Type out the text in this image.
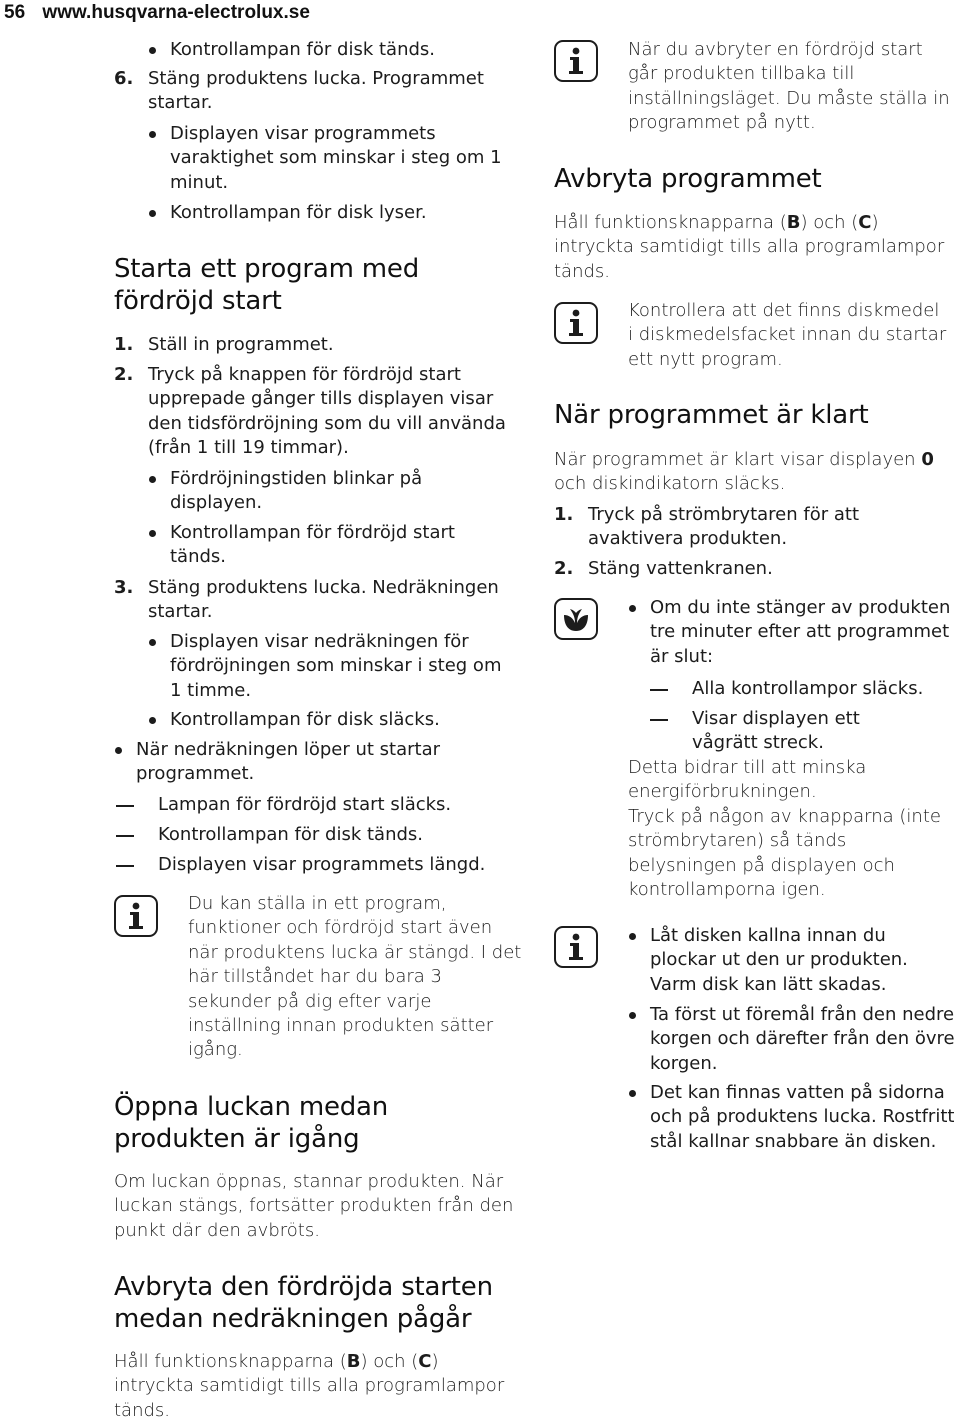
56 www.husqvarna-electrolux.se
Kontrollampan för disk tänds.
6. Stäng produktens lucka. Programmet startar.
Displayen visar programmets varaktighet som minskar i steg om 1 minut.
Kontrollampan för disk lyser.
Starta ett program med
fördröjd start
1. Ställ in programmet.
2. Tryck på knappen för fördröjd start upprepade gånger tills displayen visar den tidsfördröjning som du vill använda (från 1 till 19 timmar).
Fördröjningstiden blinkar på displayen.
Kontrollampan för fördröjd start tänds.
3. Stäng produktens lucka. Nedräkningen startar.
Displayen visar nedräkningen för fördröjningen som minskar i steg om 1 timme.
Kontrollampan för disk släcks.
När nedräkningen löper ut startar programmet.
Lampan för fördröjd start släcks.
Kontrollampan för disk tänds.
Displayen visar programmets längd.
Du kan ställa in ett program, funktioner och fördröjd start även när produktens lucka är stängd. I det här tillståndet har du bara 3 sekunder på dig efter varje inställning innan produkten sätter igång.
Öppna luckan medan
produkten är igång
Om luckan öppnas, stannar produkten. När luckan stängs, fortsätter produkten från den punkt där den avbröts.
Avbryta den fördröjda starten
medan nedräkningen pågår
Håll funktionsknapparna (B) och (C) intryckta samtidigt tills alla programlampor tänds.
När du avbryter en fördröjd start går produkten tillbaka till inställningsläget. Du måste ställa in programmet på nytt.
Avbryta programmet
Håll funktionsknapparna (B) och (C) intryckta samtidigt tills alla programlampor tänds.
Kontrollera att det finns diskmedel i diskmedelsfacket innan du startar ett nytt program.
När programmet är klart
När programmet är klart visar displayen 0 och diskindikatorn släcks.
1. Tryck på strömbrytaren för att avaktivera produkten.
2. Stäng vattenkranen.
Om du inte stänger av produkten tre minuter efter att programmet är slut:
Alla kontrollampor släcks.
Visar displayen ett vågrätt streck.
Detta bidrar till att minska energiförbrukningen.
Tryck på någon av knapparna (inte strömbrytaren) så tänds belysningen på displayen och kontrollamporna igen.
Låt disken kallna innan du plockar ut den ur produkten. Varm disk kan lätt skadas.
Ta först ut föremål från den nedre korgen och därefter från den övre korgen.
Det kan finnas vatten på sidorna och på produktens lucka. Rostfritt stål kallnar snabbare än disken.
